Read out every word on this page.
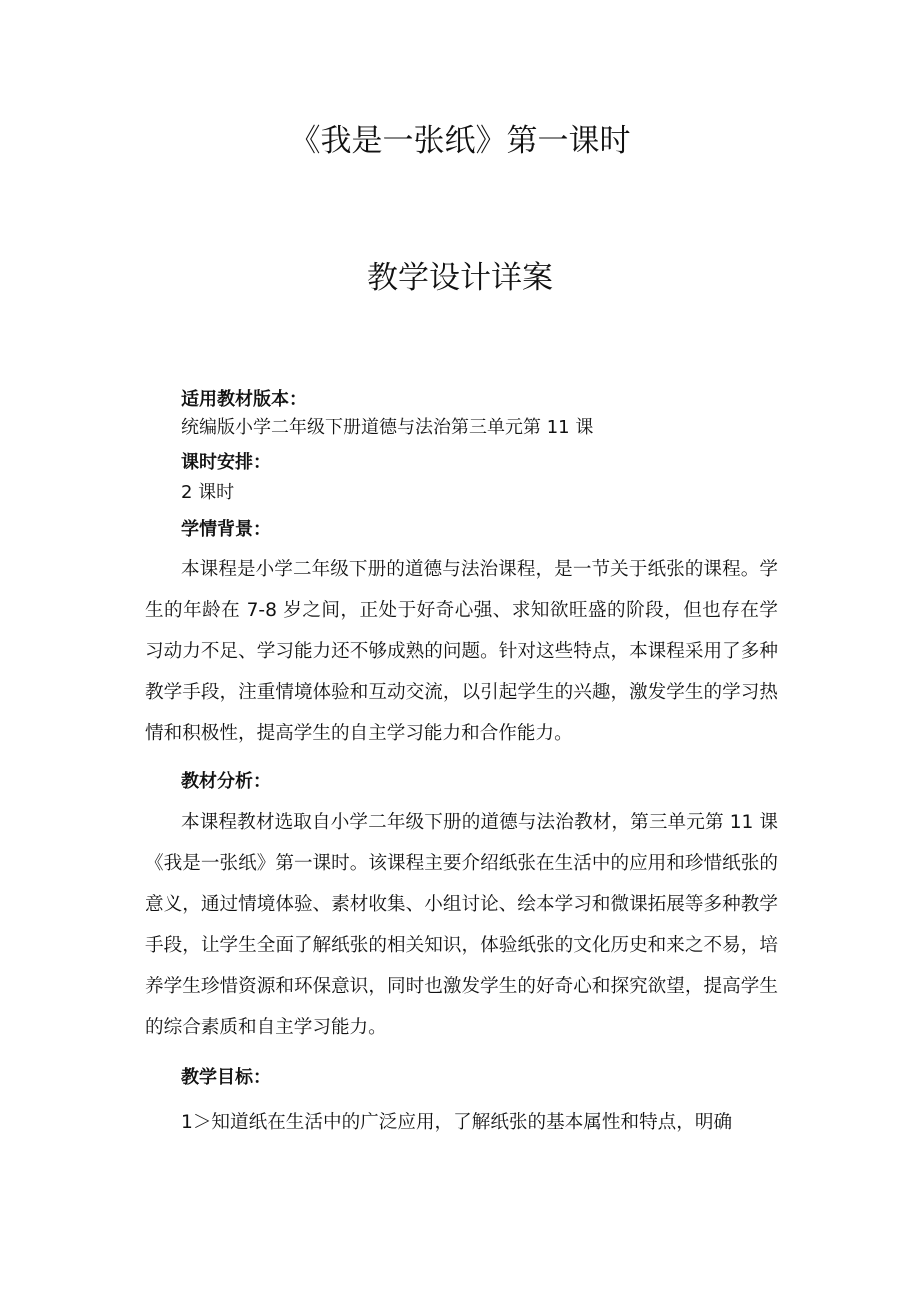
《我是一张纸》第一课时
教学设计详案

适用教材版本：

统编版小学二年级下册道德与法治第三单元第 11 课

课时安排：

2 课时

学情背景：

本课程是小学二年级下册的道德与法治课程，是一节关于纸张的课程。学生的年龄在 7-8 岁之间，正处于好奇心强、求知欲旺盛的阶段，但也存在学习动力不足、学习能力还不够成熟的问题。针对这些特点，本课程采用了多种教学手段，注重情境体验和互动交流，以引起学生的兴趣，激发学生的学习热情和积极性，提高学生的自主学习能力和合作能力。

教材分析：

本课程教材选取自小学二年级下册的道德与法治教材，第三单元第 11 课《我是一张纸》第一课时。该课程主要介绍纸张在生活中的应用和珍惜纸张的意义，通过情境体验、素材收集、小组讨论、绘本学习和微课拓展等多种教学手段，让学生全面了解纸张的相关知识，体验纸张的文化历史和来之不易，培养学生珍惜资源和环保意识，同时也激发学生的好奇心和探究欲望，提高学生的综合素质和自主学习能力。

教学目标：

1＞知道纸在生活中的广泛应用，了解纸张的基本属性和特点，明确
